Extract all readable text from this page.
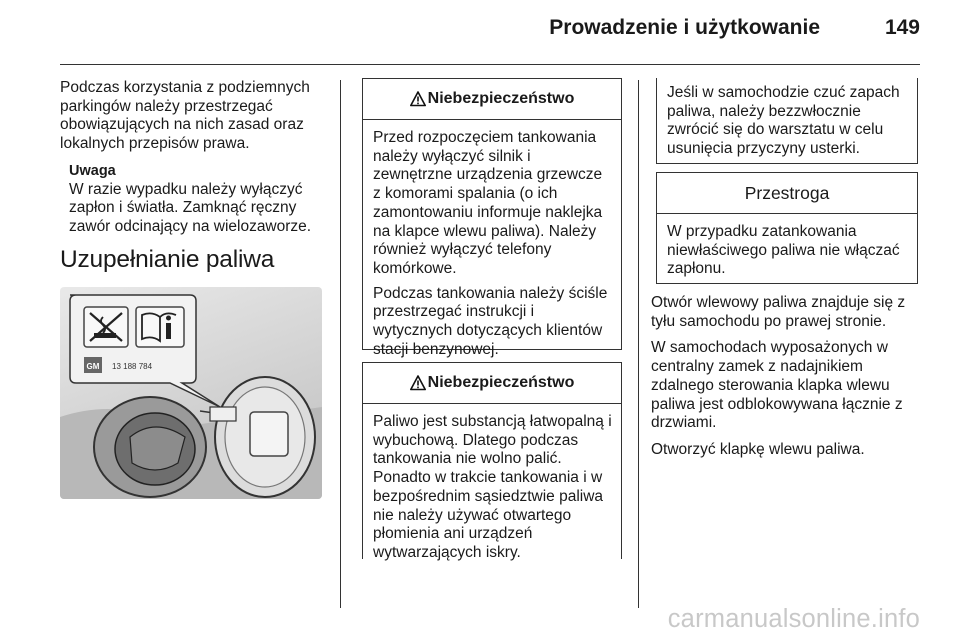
Prowadzenie i użytkowanie	149

Podczas korzystania z podziemnych parkingów należy przestrzegać obowiązujących na nich zasad oraz lokalnych przepisów prawa.

Uwaga
W razie wypadku należy wyłączyć zapłon i światła. Zamknąć ręczny zawór odcinający na wielozaworze.
Uzupełnianie paliwa
GM 13 188 784
Niebezpieczeństwo

Przed rozpoczęciem tankowania należy wyłączyć silnik i zewnętrzne urządzenia grzewcze z komorami spalania (o ich zamontowaniu informuje naklejka na klapce wlewu paliwa). Należy również wyłączyć telefony komórkowe.

Podczas tankowania należy ściśle przestrzegać instrukcji i wytycznych dotyczących klientów stacji benzynowej.

Niebezpieczeństwo

Paliwo jest substancją łatwopalną i wybuchową. Dlatego podczas tankowania nie wolno palić. Ponadto w trakcie tankowania i w bezpośrednim sąsiedztwie paliwa nie należy używać otwartego płomienia ani urządzeń wytwarzających iskry.

Jeśli w samochodzie czuć zapach paliwa, należy bezzwłocznie zwrócić się do warsztatu w celu usunięcia przyczyny usterki.

Przestroga

W przypadku zatankowania niewłaściwego paliwa nie włączać zapłonu.

Otwór wlewowy paliwa znajduje się z tyłu samochodu po prawej stronie.

W samochodach wyposażonych w centralny zamek z nadajnikiem zdalnego sterowania klapka wlewu paliwa jest odblokowywana łącznie z drzwiami.

Otworzyć klapkę wlewu paliwa.

carmanualsonline.info
